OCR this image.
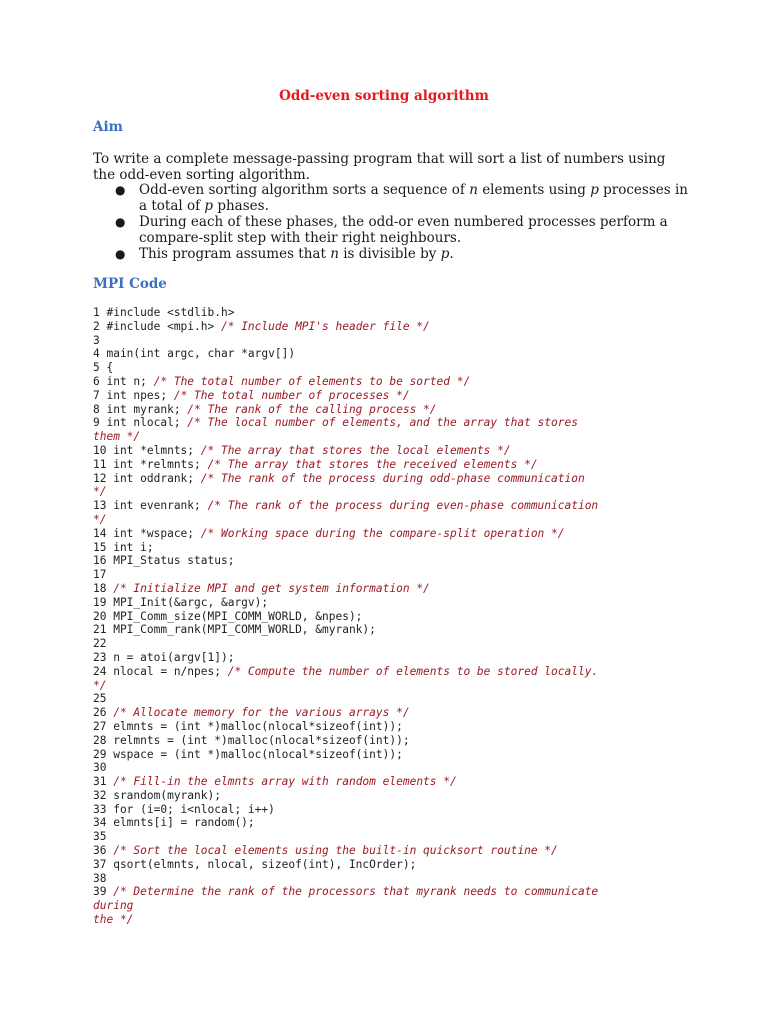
Odd-even sorting algorithm
Aim

To write a complete message-passing program that will sort a list of numbers using the odd-even sorting algorithm.

● Odd-even sorting algorithm sorts a sequence of n elements using p processes in a total of p phases.
● During each of these phases, the odd-or even numbered processes perform a compare-split step with their right neighbours.
● This program assumes that n is divisible by p.
MPI Code
1 #include <stdlib.h>
2 #include <mpi.h> /* Include MPI's header file */
3
4 main(int argc, char *argv[])
5 {
6 int n; /* The total number of elements to be sorted */
7 int npes; /* The total number of processes */
8 int myrank; /* The rank of the calling process */
9 int nlocal; /* The local number of elements, and the array that stores
them */
10 int *elmnts; /* The array that stores the local elements */
11 int *relmnts; /* The array that stores the received elements */
12 int oddrank; /* The rank of the process during odd-phase communication
*/
13 int evenrank; /* The rank of the process during even-phase communication
*/
14 int *wspace; /* Working space during the compare-split operation */
15 int i;
16 MPI_Status status;
17
18 /* Initialize MPI and get system information */
19 MPI_Init(&argc, &argv);
20 MPI_Comm_size(MPI_COMM_WORLD, &npes);
21 MPI_Comm_rank(MPI_COMM_WORLD, &myrank);
22
23 n = atoi(argv[1]);
24 nlocal = n/npes; /* Compute the number of elements to be stored locally.
*/
25
26 /* Allocate memory for the various arrays */
27 elmnts = (int *)malloc(nlocal*sizeof(int));
28 relmnts = (int *)malloc(nlocal*sizeof(int));
29 wspace = (int *)malloc(nlocal*sizeof(int));
30
31 /* Fill-in the elmnts array with random elements */
32 srandom(myrank);
33 for (i=0; i<nlocal; i++)
34 elmnts[i] = random();
35
36 /* Sort the local elements using the built-in quicksort routine */
37 qsort(elmnts, nlocal, sizeof(int), IncOrder);
38
39 /* Determine the rank of the processors that myrank needs to communicate
during
the */
